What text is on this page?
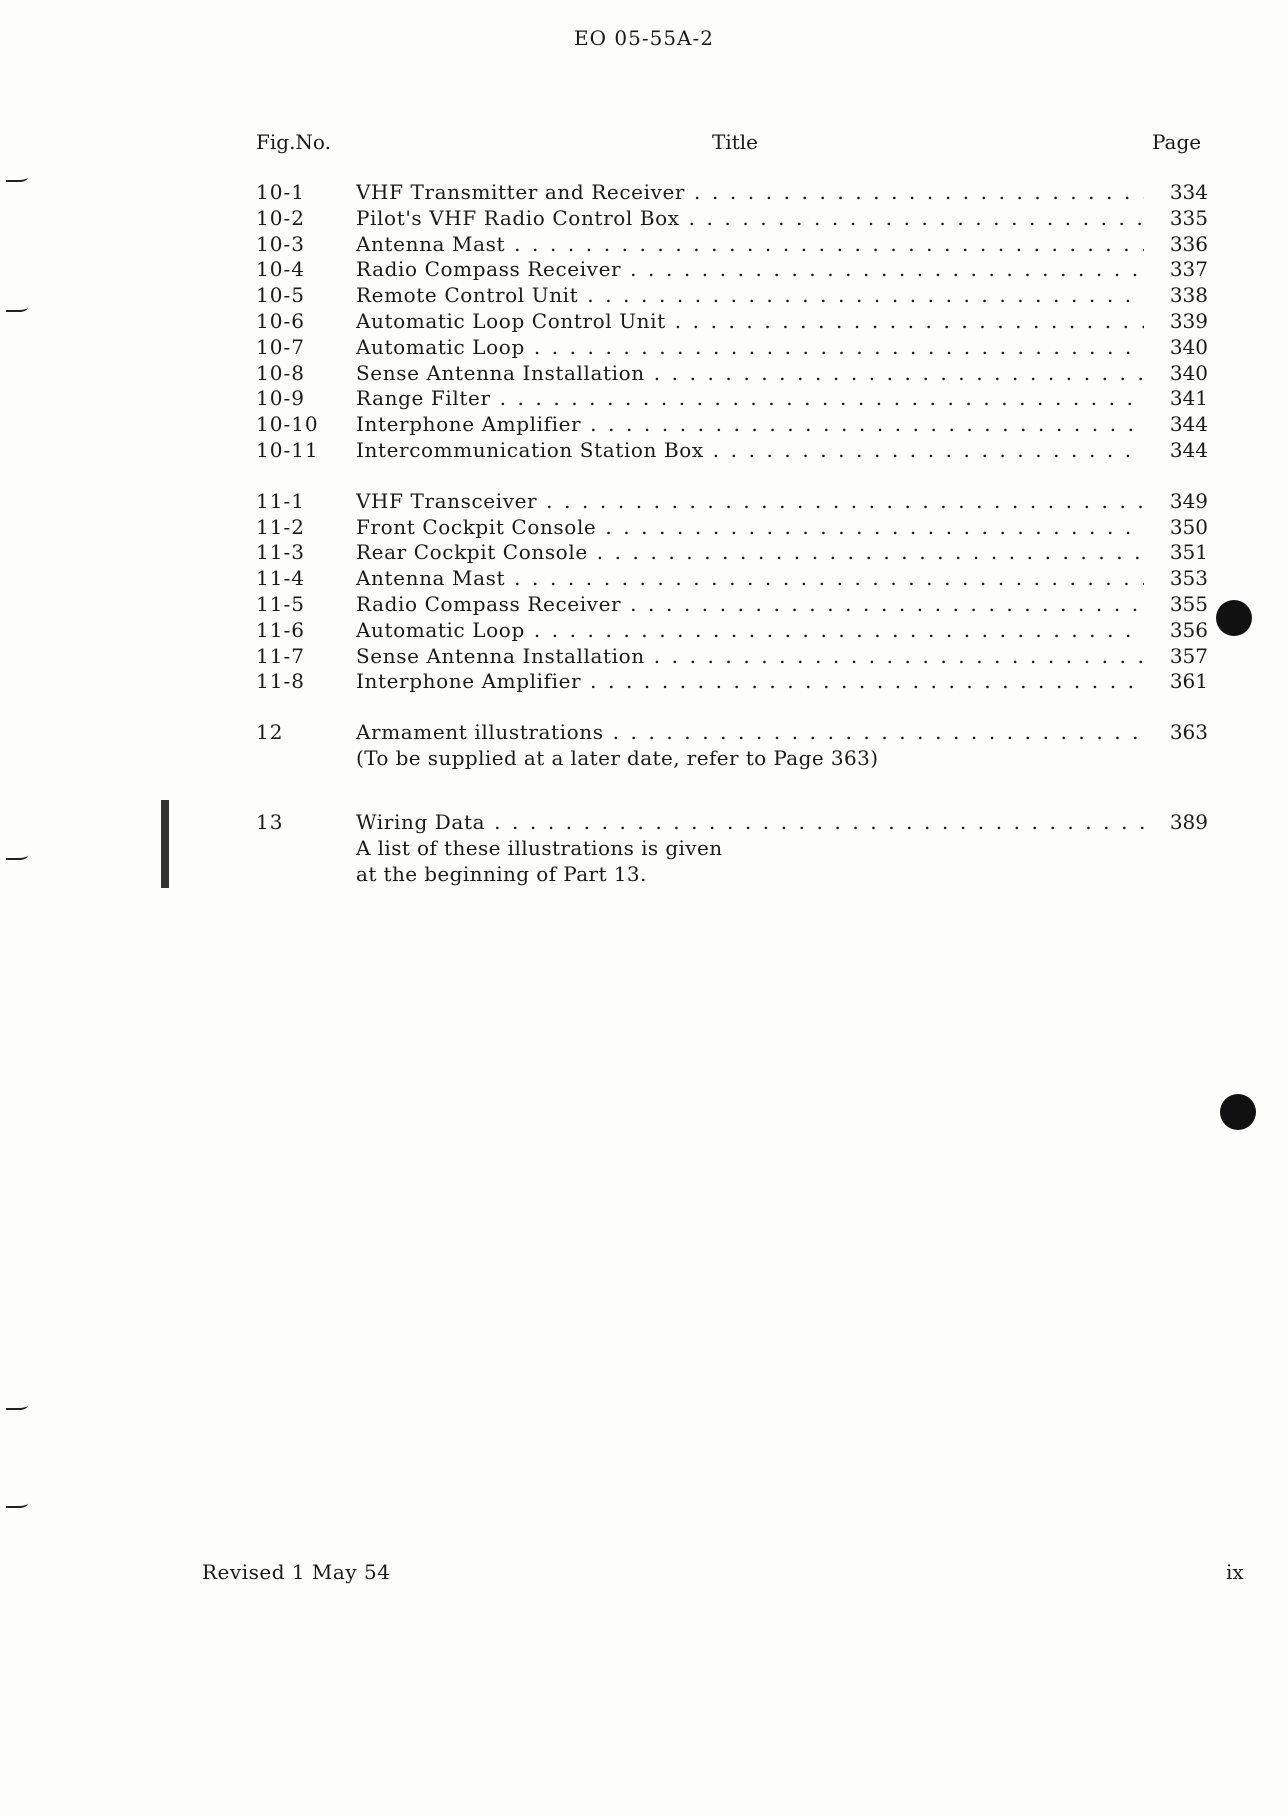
EO 05-55A-2
Fig.No.	Title	Page
10-1	VHF Transmitter and Receiver . . .	334
10-2	Pilot's VHF Radio Control Box . . .	335
10-3	Antenna Mast . . .	336
10-4	Radio Compass Receiver . . .	337
10-5	Remote Control Unit . . .	338
10-6	Automatic Loop Control Unit . . .	339
10-7	Automatic Loop . . .	340
10-8	Sense Antenna Installation . . .	340
10-9	Range Filter . . .	341
10-10	Interphone Amplifier . . .	344
10-11	Intercommunication Station Box . . .	344
11-1	VHF Transceiver . . .	349
11-2	Front Cockpit Console . . .	350
11-3	Rear Cockpit Console . . .	351
11-4	Antenna Mast . . .	353
11-5	Radio Compass Receiver . . .	355
11-6	Automatic Loop . . .	356
11-7	Sense Antenna Installation . . .	357
11-8	Interphone Amplifier . . .	361
12	Armament illustrations . . .	363
(To be supplied at a later date, refer to Page 363)
13	Wiring Data . . .	389
A list of these illustrations is given
at the beginning of Part 13.
Revised 1 May 54	ix
